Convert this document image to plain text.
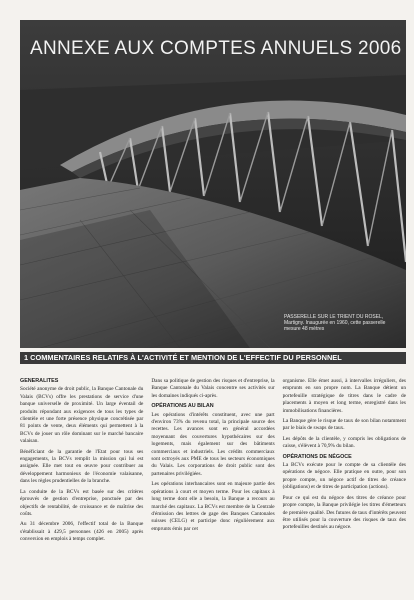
ANNEXE AUX COMPTES ANNUELS 2006
PASSERELLE SUR LE TRIENT DU ROSEL, Martigny. Inaugurée en 1960, cette passerelle mesure 48 mètres
1 COMMENTAIRES RELATIFS À L'ACTIVITÉ ET MENTION DE L'EFFECTIF DU PERSONNEL
GÉNÉRALITÉS

Société anonyme de droit public, la Banque Cantonale du Valais (BCVs) offre les prestations de service d'une banque universelle de proximité. Un large éventail de produits répondant aux exigences de tous les types de clientèle et une forte présence physique concrétisée par 81 points de vente, deux éléments qui permettent à la BCVs de jouer un rôle dominant sur le marché bancaire valaisan.

Bénéficiant de la garantie de l'Etat pour tous ses engagements, la BCVs remplit la mission qui lui est assignée. Elle met tout en œuvre pour contribuer au développement harmonieux de l'économie valaisanne, dans les règles prudentielles de la branche.

La conduite de la BCVs est basée sur des critères éprouvés de gestion d'entreprise, ponctuée par des objectifs de rentabilité, de croissance et de maîtrise des coûts.

Au 31 décembre 2006, l'effectif total de la Banque s'établissait à 429,5 personnes (426 en 2005) après conversion en emplois à temps complet.

Dans sa politique de gestion des risques et d'entreprise, la Banque Cantonale du Valais concentre ses activités sur les domaines indiqués ci-après.

OPÉRATIONS AU BILAN

Les opérations d'intérêts constituent, avec une part d'environ 73% du revenu total, la principale source des recettes. Les avances sont en général accordées moyennant des couvertures hypothécaires sur des logements, mais également sur des bâtiments commerciaux et industriels. Les crédits commerciaux sont octroyés aux PME de tous les secteurs économiques du Valais. Les corporations de droit public sont des partenaires privilégiées.

Les opérations interbancaires sont en majeure partie des opérations à court et moyen terme. Pour les capitaux à long terme dont elle a besoin, la Banque a recours au marché des capitaux. La BCVs est membre de la Centrale d'émission des lettres de gage des Banques Cantonales suisses (CELG) et participe donc régulièrement aux emprunts émis par cet

organisme. Elle émet aussi, à intervalles irréguliers, des emprunts en son propre nom. La Banque détient un portefeuille stratégique de titres dans le cadre de placements à moyen et long terme, enregistré dans les immobilisations financières.

La Banque gère le risque de taux de son bilan notamment par le biais de swaps de taux.

Les dépôts de la clientèle, y compris les obligations de caisse, s'élèvent à 70,9% du bilan.

OPÉRATIONS DE NÉGOCE

La BCVs exécute pour le compte de sa clientèle des opérations de négoce. Elle pratique en outre, pour son propre compte, un négoce actif de titres de créance (obligations) et de titres de participation (actions).

Pour ce qui est du négoce des titres de créance pour propre compte, la Banque privilégie les titres d'émetteurs de première qualité. Des futures de taux d'intérêts peuvent être utilisés pour la couverture des risques de taux des portefeuilles destinés au négoce.
